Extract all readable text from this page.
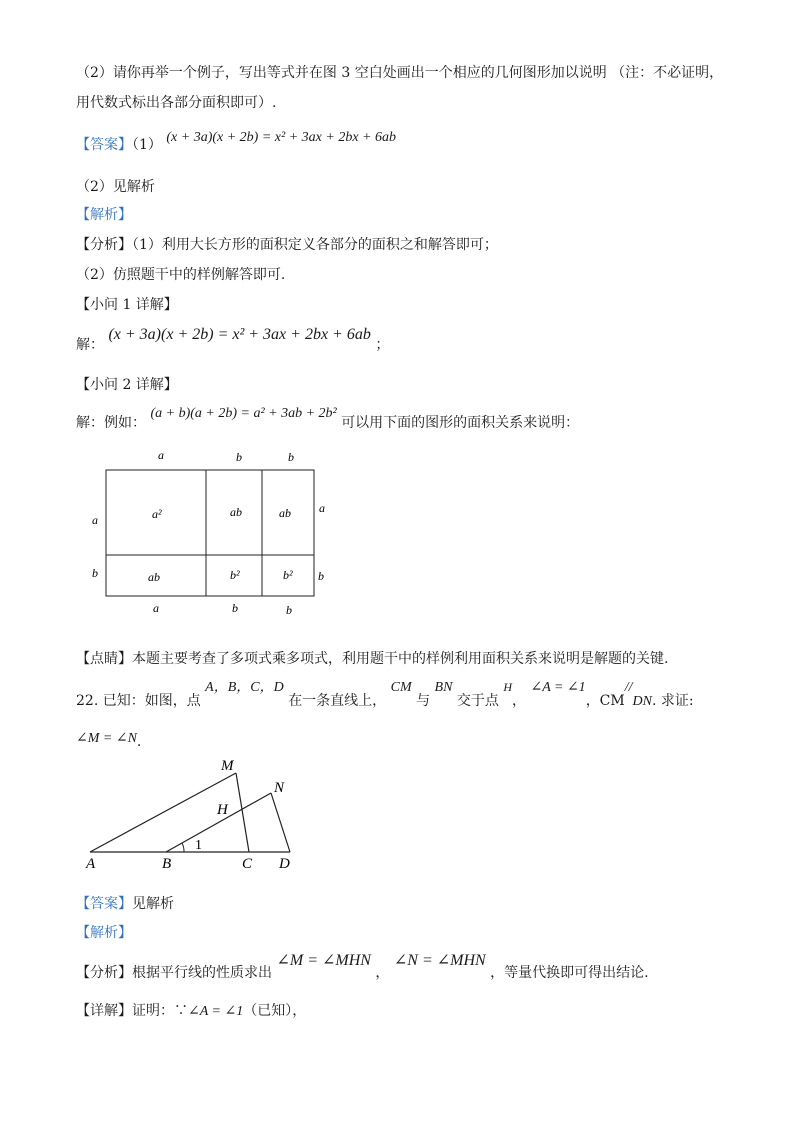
（2）请你再举一个例子，写出等式并在图 3 空白处画出一个相应的几何图形加以说明 （注：不必证明，
用代数式标出各部分面积即可）.
【答案】（1） (x + 3a)(x + 2b) = x² + 3ax + 2bx + 6ab
（2）见解析
【解析】
【分析】（1）利用大长方形的面积定义各部分的面积之和解答即可；
（2）仿照题干中的样例解答即可.
【小问 1 详解】
解： (x + 3a)(x + 2b) = x² + 3ax + 2bx + 6ab ；
【小问 2 详解】
解：例如： (a + b)(a + 2b) = a² + 3ab + 2b² 可以用下面的图形的面积关系来说明：
a	b	b
a	b	b
a
b
a
b
a²	ab	ab
ab	b²	b²
【点睛】本题主要考查了多项式乘多项式，利用题干中的样例利用面积关系来说明是解题的关键.
22. 已知：如图，点 A，B，C，D 在一条直线上， CM 与 BN 交于点 H， ∠A = ∠1，CM//DN. 求证:
∠M = ∠N.
M
N
H
A	B	C D
1
【答案】见解析
【解析】
【分析】根据平行线的性质求出 ∠M = ∠MHN ， ∠N = ∠MHN ，等量代换即可得出结论.
【详解】证明：∵∠A = ∠1（已知），
